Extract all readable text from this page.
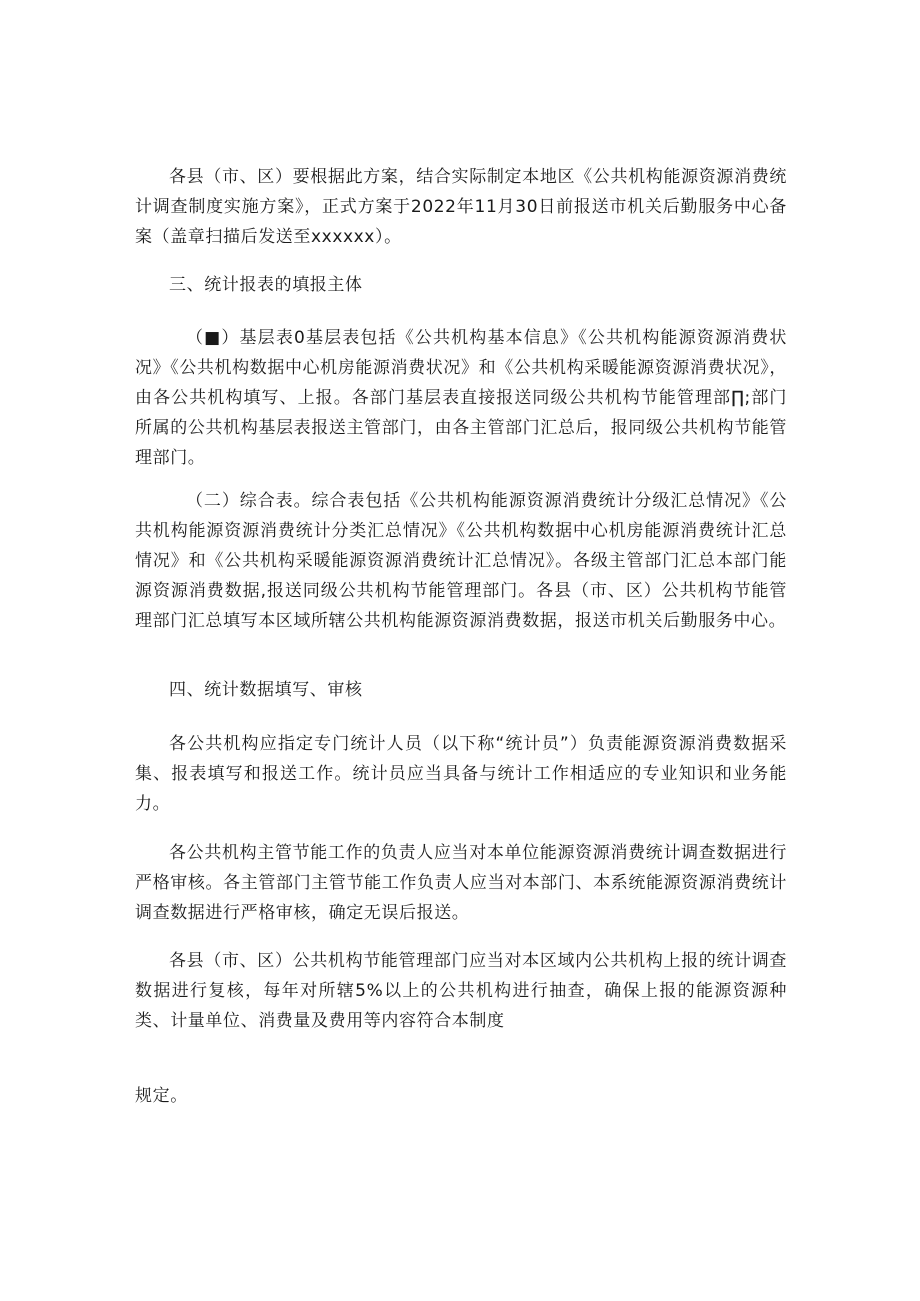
各县（市、区）要根据此方案，结合实际制定本地区《公共机构能源资源消费统计调查制度实施方案》，正式方案于2022年11月30日前报送市机关后勤服务中心备案（盖章扫描后发送至xxxxxx）。

三、统计报表的填报主体

（■）基层表0基层表包括《公共机构基本信息》《公共机构能源资源消费状况》《公共机构数据中心机房能源消费状况》和《公共机构采暖能源资源消费状况》，由各公共机构填写、上报。各部门基层表直接报送同级公共机构节能管理部∏;部门所属的公共机构基层表报送主管部门，由各主管部门汇总后，报同级公共机构节能管理部门。

（二）综合表。综合表包括《公共机构能源资源消费统计分级汇总情况》《公共机构能源资源消费统计分类汇总情况》《公共机构数据中心机房能源消费统计汇总情况》和《公共机构采暖能源资源消费统计汇总情况》。各级主管部门汇总本部门能源资源消费数据,报送同级公共机构节能管理部门。各县（市、区）公共机构节能管理部门汇总填写本区域所辖公共机构能源资源消费数据，报送市机关后勤服务中心。

四、统计数据填写、审核

各公共机构应指定专门统计人员（以下称“统计员”）负责能源资源消费数据采集、报表填写和报送工作。统计员应当具备与统计工作相适应的专业知识和业务能力。

各公共机构主管节能工作的负责人应当对本单位能源资源消费统计调查数据进行严格审核。各主管部门主管节能工作负责人应当对本部门、本系统能源资源消费统计调查数据进行严格审核，确定无误后报送。

各县（市、区）公共机构节能管理部门应当对本区域内公共机构上报的统计调查数据进行复核，每年对所辖5%以上的公共机构进行抽查，确保上报的能源资源种类、计量单位、消费量及费用等内容符合本制度

规定。
